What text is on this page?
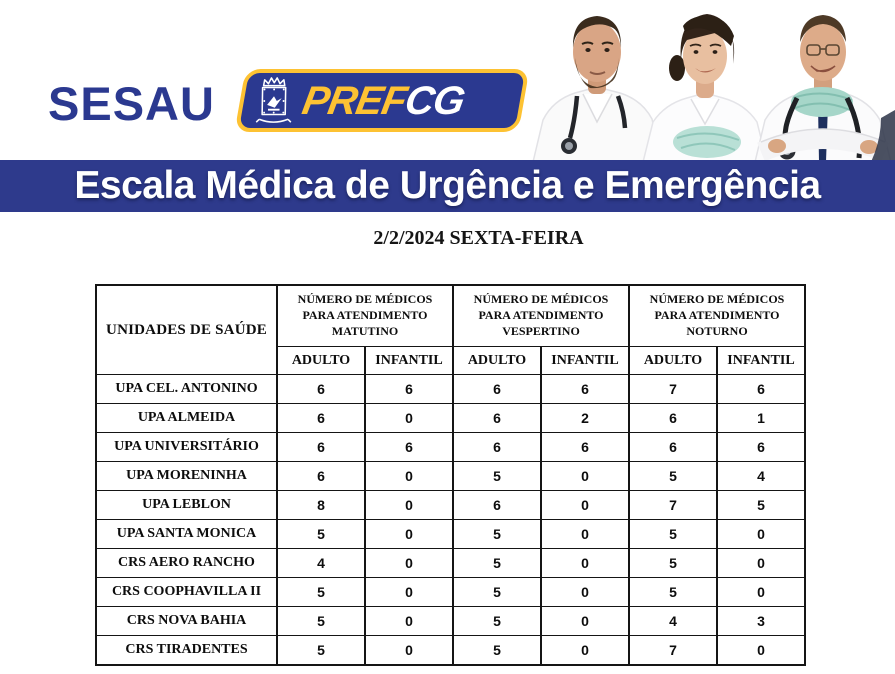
SESAU PREFCG
Escala Médica de Urgência e Emergência
2/2/2024 SEXTA-FEIRA
UNIDADES DE SAÚDE	
NÚMERO DE MÉDICOS
PARA ATENDIMENTO
MATUTINO

NÚMERO DE MÉDICOS
PARA ATENDIMENTO
VESPERTINO

NÚMERO DE MÉDICOS
PARA ATENDIMENTO
NOTURNO

	ADULTO	INFANTIL	ADULTO	INFANTIL	ADULTO	INFANTIL
UPA CEL. ANTONINO	6	6	6	6	7	6
UPA ALMEIDA	6	0	6	2	6	1
UPA UNIVERSITÁRIO	6	6	6	6	6	6
UPA MORENINHA	6	0	5	0	5	4
UPA LEBLON	8	0	6	0	7	5
UPA SANTA MONICA	5	0	5	0	5	0
CRS AERO RANCHO	4	0	5	0	5	0
CRS COOPHAVILLA II	5	0	5	0	5	0
CRS NOVA BAHIA	5	0	5	0	4	3
CRS TIRADENTES	5	0	5	0	7	0
